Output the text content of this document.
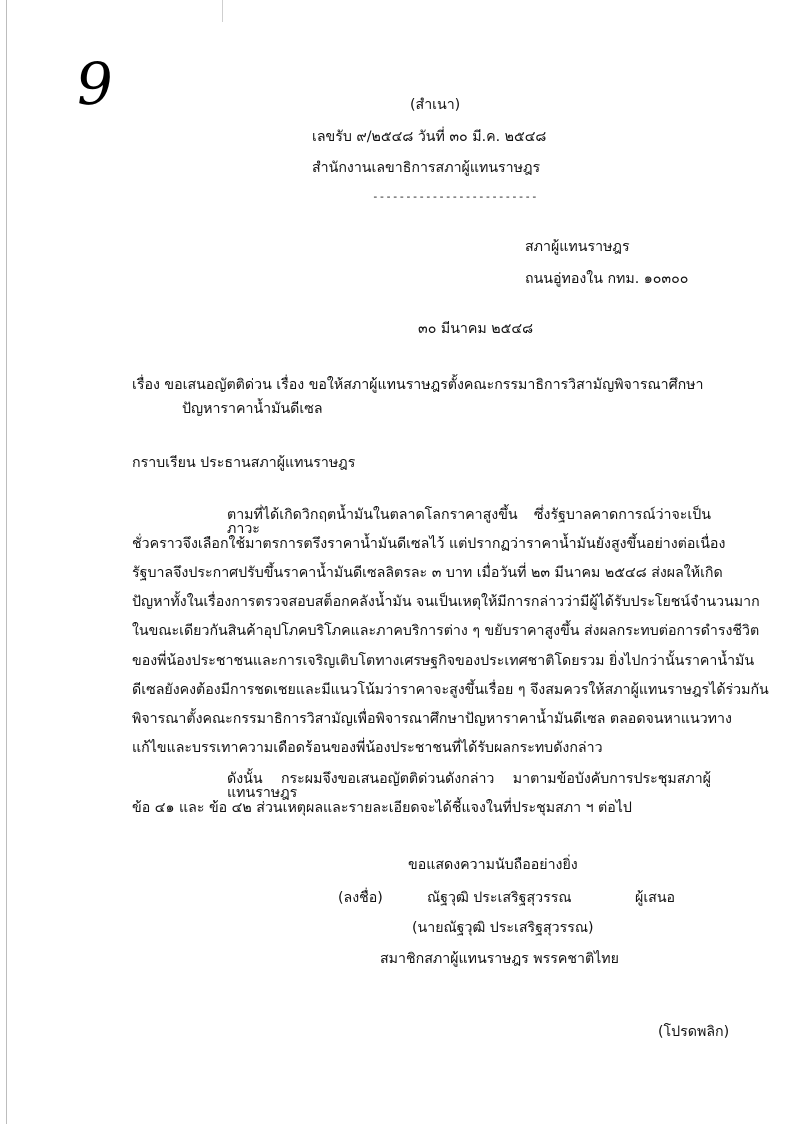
9	(สำเนา)
เลขรับ ๙/๒๕๔๘ วันที่ ๓๐ มี.ค. ๒๕๔๘
สำนักงานเลขาธิการสภาผู้แทนราษฎร
-------------------------
สภาผู้แทนราษฎร
ถนนอู่ทองใน กทม. ๑๐๓๐๐
๓๐ มีนาคม ๒๕๔๘
เรื่อง ขอเสนอญัตติด่วน เรื่อง ขอให้สภาผู้แทนราษฎรตั้งคณะกรรมาธิการวิสามัญพิจารณาศึกษา
ปัญหาราคาน้ำมันดีเซล
กราบเรียน ประธานสภาผู้แทนราษฎร
ตามที่ได้เกิดวิกฤตน้ำมันในตลาดโลกราคาสูงขึ้น ซึ่งรัฐบาลคาดการณ์ว่าจะเป็นภาวะ
ชั่วคราวจึงเลือกใช้มาตรการตรึงราคาน้ำมันดีเซลไว้ แต่ปรากฏว่าราคาน้ำมันยังสูงขึ้นอย่างต่อเนื่อง
รัฐบาลจึงประกาศปรับขึ้นราคาน้ำมันดีเซลลิตรละ ๓ บาท เมื่อวันที่ ๒๓ มีนาคม ๒๕๔๘ ส่งผลให้เกิด
ปัญหาทั้งในเรื่องการตรวจสอบสต็อกคลังน้ำมัน จนเป็นเหตุให้มีการกล่าวว่ามีผู้ได้รับประโยชน์จำนวนมาก
ในขณะเดียวกันสินค้าอุปโภคบริโภคและภาคบริการต่าง ๆ ขยับราคาสูงขึ้น ส่งผลกระทบต่อการดำรงชีวิต
ของพี่น้องประชาชนและการเจริญเติบโตทางเศรษฐกิจของประเทศชาติโดยรวม ยิ่งไปกว่านั้นราคาน้ำมัน
ดีเซลยังคงต้องมีการชดเชยและมีแนวโน้มว่าราคาจะสูงขึ้นเรื่อย ๆ จึงสมควรให้สภาผู้แทนราษฎรได้ร่วมกัน
พิจารณาตั้งคณะกรรมาธิการวิสามัญเพื่อพิจารณาศึกษาปัญหาราคาน้ำมันดีเซล ตลอดจนหาแนวทาง
แก้ไขและบรรเทาความเดือดร้อนของพี่น้องประชาชนที่ได้รับผลกระทบดังกล่าว
ดังนั้น กระผมจึงขอเสนอญัตติด่วนดังกล่าว มาตามข้อบังคับการประชุมสภาผู้แทนราษฎร
ข้อ ๔๑ และ ข้อ ๔๒ ส่วนเหตุผลและรายละเอียดจะได้ชี้แจงในที่ประชุมสภา ฯ ต่อไป
ขอแสดงความนับถืออย่างยิ่ง
(ลงชื่อ)	ณัฐวุฒิ ประเสริฐสุวรรณ	ผู้เสนอ
(นายณัฐวุฒิ ประเสริฐสุวรรณ)
สมาชิกสภาผู้แทนราษฎร พรรคชาติไทย
(โปรดพลิก)
